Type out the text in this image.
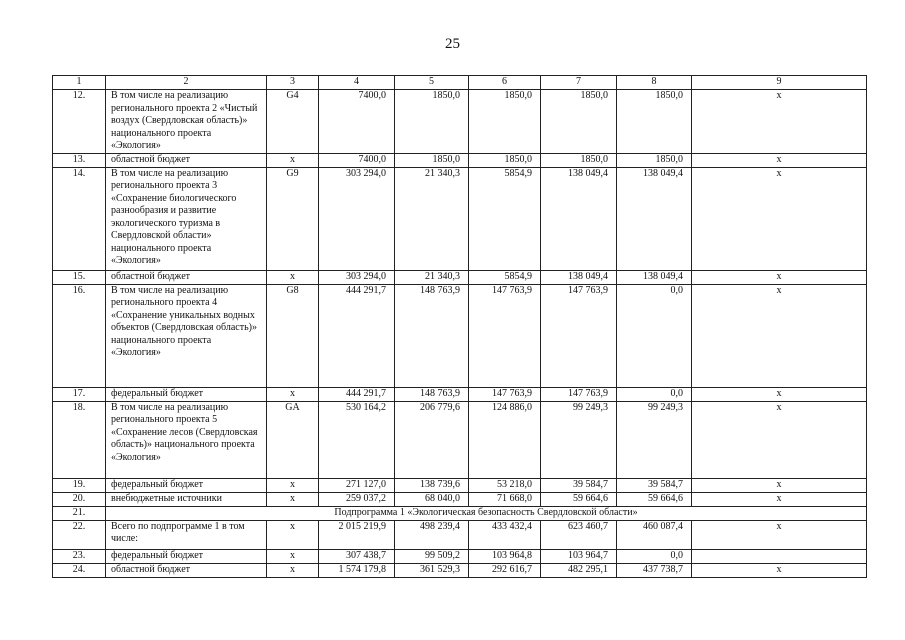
25
1	2	3	4	5	6	7	8	9
12.	В том числе на реализацию регионального проекта 2 «Чистый воздух (Свердловская область)» национального проекта «Экология»	G4	7400,0	1850,0	1850,0	1850,0	1850,0	х
13.	областной бюджет	х	7400,0	1850,0	1850,0	1850,0	1850,0	х
14.	В том числе на реализацию регионального проекта 3 «Сохранение биологического разнообразия и развитие экологического туризма в Свердловской области» национального проекта «Экология»	G9	303 294,0	21 340,3	5854,9	138 049,4	138 049,4	х
15.	областной бюджет	х	303 294,0	21 340,3	5854,9	138 049,4	138 049,4	х
16.	В том числе на реализацию регионального проекта 4 «Сохранение уникальных водных объектов (Свердловская область)» национального проекта «Экология»	G8	444 291,7	148 763,9	147 763,9	147 763,9	0,0	х
17.	федеральный бюджет	х	444 291,7	148 763,9	147 763,9	147 763,9	0,0	х
18.	В том числе на реализацию регионального проекта 5 «Сохранение лесов (Свердловская область)» национального проекта «Экология»	GA	530 164,2	206 779,6	124 886,0	99 249,3	99 249,3	х
19.	федеральный бюджет	х	271 127,0	138 739,6	53 218,0	39 584,7	39 584,7	х
20.	внебюджетные источники	х	259 037,2	68 040,0	71 668,0	59 664,6	59 664,6	х
21.	Подпрограмма 1 «Экологическая безопасность Свердловской области»							
22.	Всего по подпрограмме 1 в том числе:	х	2 015 219,9	498 239,4	433 432,4	623 460,7	460 087,4	х
23.	федеральный бюджет	х	307 438,7	99 509,2	103 964,8	103 964,7	0,0	
24.	областной бюджет	х	1 574 179,8	361 529,3	292 616,7	482 295,1	437 738,7	х
